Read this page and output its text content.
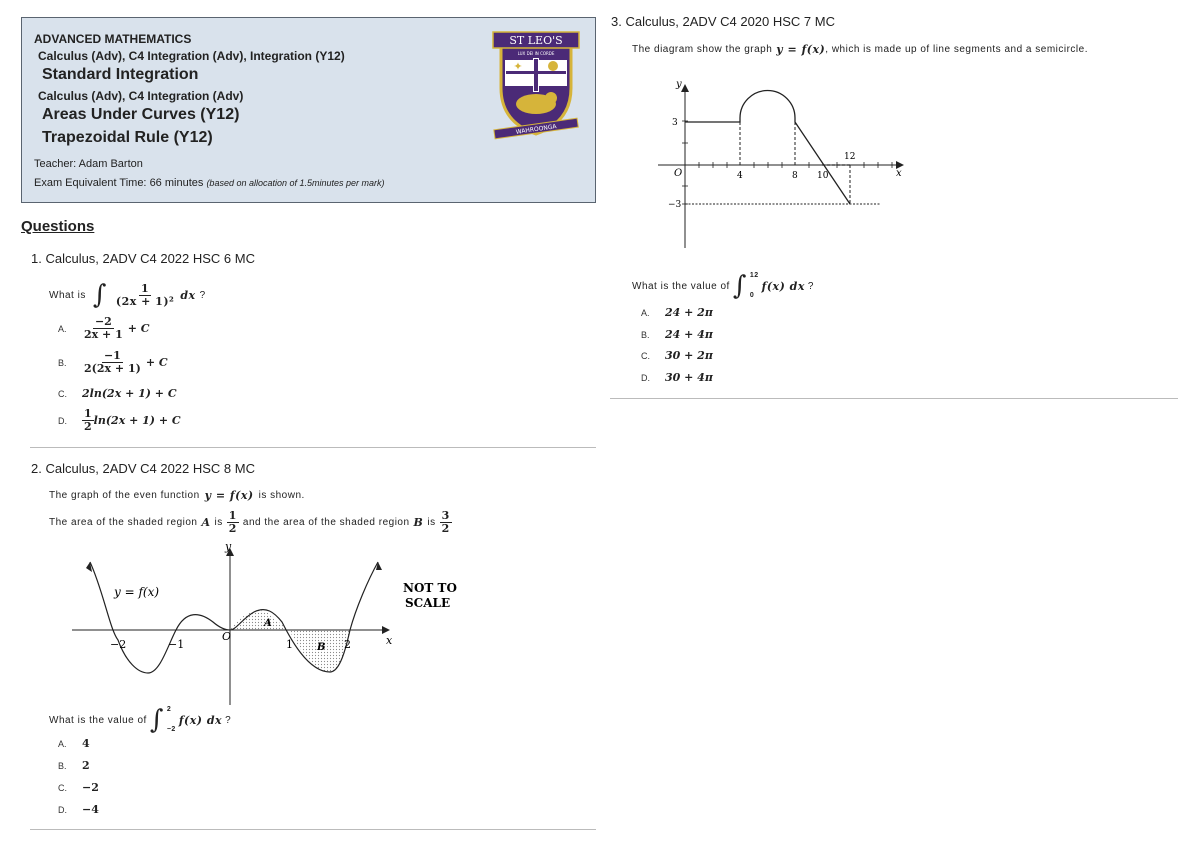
ADVANCED MATHEMATICS
Calculus (Adv), C4 Integration (Adv), Integration (Y12)
Standard Integration
Calculus (Adv), C4 Integration (Adv)
Areas Under Curves (Y12)
Trapezoidal Rule (Y12)
Teacher: Adam Barton
Exam Equivalent Time: 66 minutes (based on allocation of 1.5minutes per mark)
ST LEO'S
LUX DEI IN CORDE
✦
WAHROONGA
Questions
1. Calculus, 2ADV C4 2022 HSC 6 MC
What is ∫ $\frac{1}{\text{(2x + 1)²}}$ dx ?
A.	$\frac{-2}{2x + 1} + C$
B.	$\frac{-1}{2(2x + 1)} + C$
C.	2ln(2x + 1) + C
D.	$\frac{1}{2} \ln(2x + 1) + C$
2. Calculus, 2ADV C4 2022 HSC 8 MC
The graph of the even function y = f(x) is shown.
The area of the shaded region A is $\frac{1}{2}$ and the area of the shaded region B is $\frac{3}{2}$
y = f(x)	NOT TO
SCALE
−2	−1
O
1	2
y
x
A
B
What is the value of ∫ 2
−2
f(x) dx ?
A.	4
B.	2
C.	−2
D.	−4
3. Calculus, 2ADV C4 2020 HSC 7 MC
The diagram show the graph y = f(x) , which is made up of line segments and a semicircle.
y
x
O
3
−3
4	8 10
12
What is the value of ∫ 12
0
f(x) dx ?
A.	24 + 2π
B.	24 + 4π
C.	30 + 2π
D.	30 + 4π
